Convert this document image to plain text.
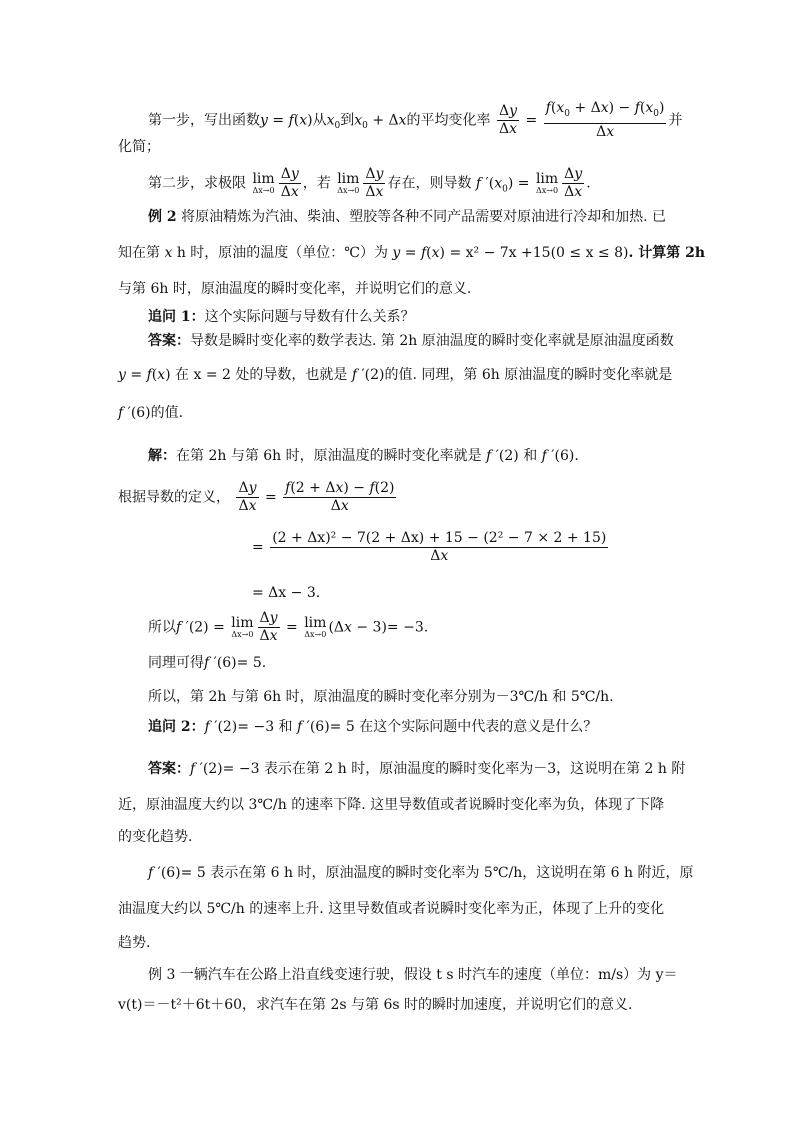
第一步，写出函数y = f(x)从$x_0$到$x_0 + \Delta x$的平均变化率 $\frac{\Delta y}{\Delta x} = \frac{f(x_0 + \Delta x) - f(x_0)}{\Delta x}$ 并
化简；
第二步，求极限 lim
$\Delta x\to 0 \frac{\Delta y}{\Delta x}$ ，若 lim
$\Delta x\to 0 \frac{\Delta y}{\Delta x}$ 存在，则导数 f $'(x_0) = \lim$
$\Delta x\to 0 \frac{\Delta y}{\Delta x}$ .
例 2 将原油精炼为汽油、柴油、塑胶等各种不同产品需要对原油进行冷却和加热. 已
知在第 x h 时，原油的温度（单位：℃）为 y = f(x) = x² − 7x +15(0 ≤ x ≤ 8). 计算第 2h
与第 6h 时，原油温度的瞬时变化率，并说明它们的意义.
追问 1：这个实际问题与导数有什么关系？
答案：导数是瞬时变化率的数学表达. 第 2h 原油温度的瞬时变化率就是原油温度函数
y = f(x) 在 x = 2 处的导数，也就是 f ′(2)的值. 同理，第 6h 原油温度的瞬时变化率就是
f ′(6)的值.
解：在第 2h 与第 6h 时，原油温度的瞬时变化率就是 f ′(2) 和 f ′(6).
根据导数的定义， $\frac{\Delta y}{\Delta x} = \frac{f(2 + \Delta x) - f(2)}{\Delta x}$
= $\frac{\text{(2 + Δx)² − 7(2 + Δx) + 15 − (2² − 7 × 2 + 15)}}{\Delta x}$
= Δx − 3.
所以f ′(2) = lim
$\Delta x\to 0 \frac{\Delta y}{\Delta x} = \lim$
Δx→0 (Δx − 3)= −3.
同理可得f ′(6)= 5.
所以，第 2h 与第 6h 时，原油温度的瞬时变化率分别为－3℃/h 和 5℃/h.
追问 2：f ′(2)= −3 和 f ′(6)= 5 在这个实际问题中代表的意义是什么？
答案：f ′(2)= −3 表示在第 2 h 时，原油温度的瞬时变化率为－3，这说明在第 2 h 附
近，原油温度大约以 3℃/h 的速率下降. 这里导数值或者说瞬时变化率为负，体现了下降
的变化趋势.
f ′(6)= 5 表示在第 6 h 时，原油温度的瞬时变化率为 5℃/h，这说明在第 6 h 附近，原
油温度大约以 5℃/h 的速率上升. 这里导数值或者说瞬时变化率为正，体现了上升的变化
趋势.
例 3 一辆汽车在公路上沿直线变速行驶，假设 t s 时汽车的速度（单位：m/s）为 y＝
v(t)＝－t²＋6t＋60，求汽车在第 2s 与第 6s 时的瞬时加速度，并说明它们的意义.
